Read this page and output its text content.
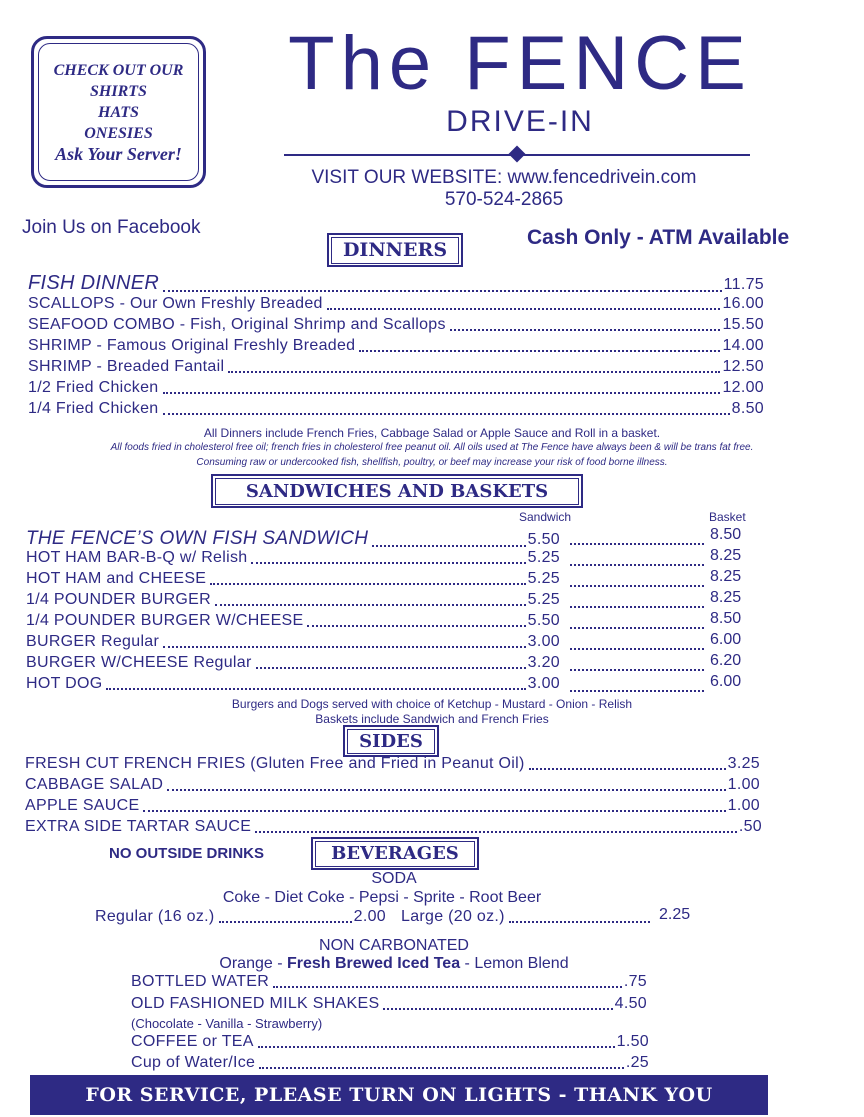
CHECK OUT OUR
SHIRTS
HATS
ONESIES
Ask Your Server!
The FENCE
DRIVE-IN
VISIT OUR WEBSITE: www.fencedrivein.com
570-524-2865
Join Us on Facebook	Cash Only - ATM Available
DINNERS
FISH DINNER	11.75
SCALLOPS - Our Own Freshly Breaded	16.00
SEAFOOD COMBO - Fish, Original Shrimp and Scallops	15.50
SHRIMP - Famous Original Freshly Breaded	14.00
SHRIMP - Breaded Fantail	12.50
1/2 Fried Chicken	12.00
1/4 Fried Chicken	8.50
All Dinners include French Fries, Cabbage Salad or Apple Sauce and Roll in a basket.
All foods fried in cholesterol free oil; french fries in cholesterol free peanut oil. All oils used at The Fence have always been & will be trans fat free.
Consuming raw or undercooked fish, shellfish, poultry, or beef may increase your risk of food borne illness.
SANDWICHES AND BASKETS
Sandwich	Basket
THE FENCE’S OWN FISH SANDWICH	5.50	8.50
HOT HAM BAR-B-Q w/ Relish	5.25	8.25
HOT HAM and CHEESE	5.25	8.25
1/4 POUNDER BURGER	5.25	8.25
1/4 POUNDER BURGER W/CHEESE	5.50	8.50
BURGER Regular	3.00	6.00
BURGER W/CHEESE Regular	3.20	6.20
HOT DOG	3.00	6.00
Burgers and Dogs served with choice of Ketchup - Mustard - Onion - Relish
Baskets include Sandwich and French Fries
SIDES
FRESH CUT FRENCH FRIES (Gluten Free and Fried in Peanut Oil)	3.25
CABBAGE SALAD	1.00
APPLE SAUCE	1.00
EXTRA SIDE TARTAR SAUCE	.50
NO OUTSIDE DRINKS	BEVERAGES
SODA
Coke - Diet Coke - Pepsi - Sprite - Root Beer
Regular (16 oz.)	2.00 Large (20 oz.)	2.25
NON CARBONATED
Orange - Fresh Brewed Iced Tea - Lemon Blend
BOTTLED WATER	.75
OLD FASHIONED MILK SHAKES	4.50
(Chocolate - Vanilla - Strawberry)
COFFEE or TEA	1.50
Cup of Water/Ice	.25
FOR SERVICE, PLEASE TURN ON LIGHTS - THANK YOU
